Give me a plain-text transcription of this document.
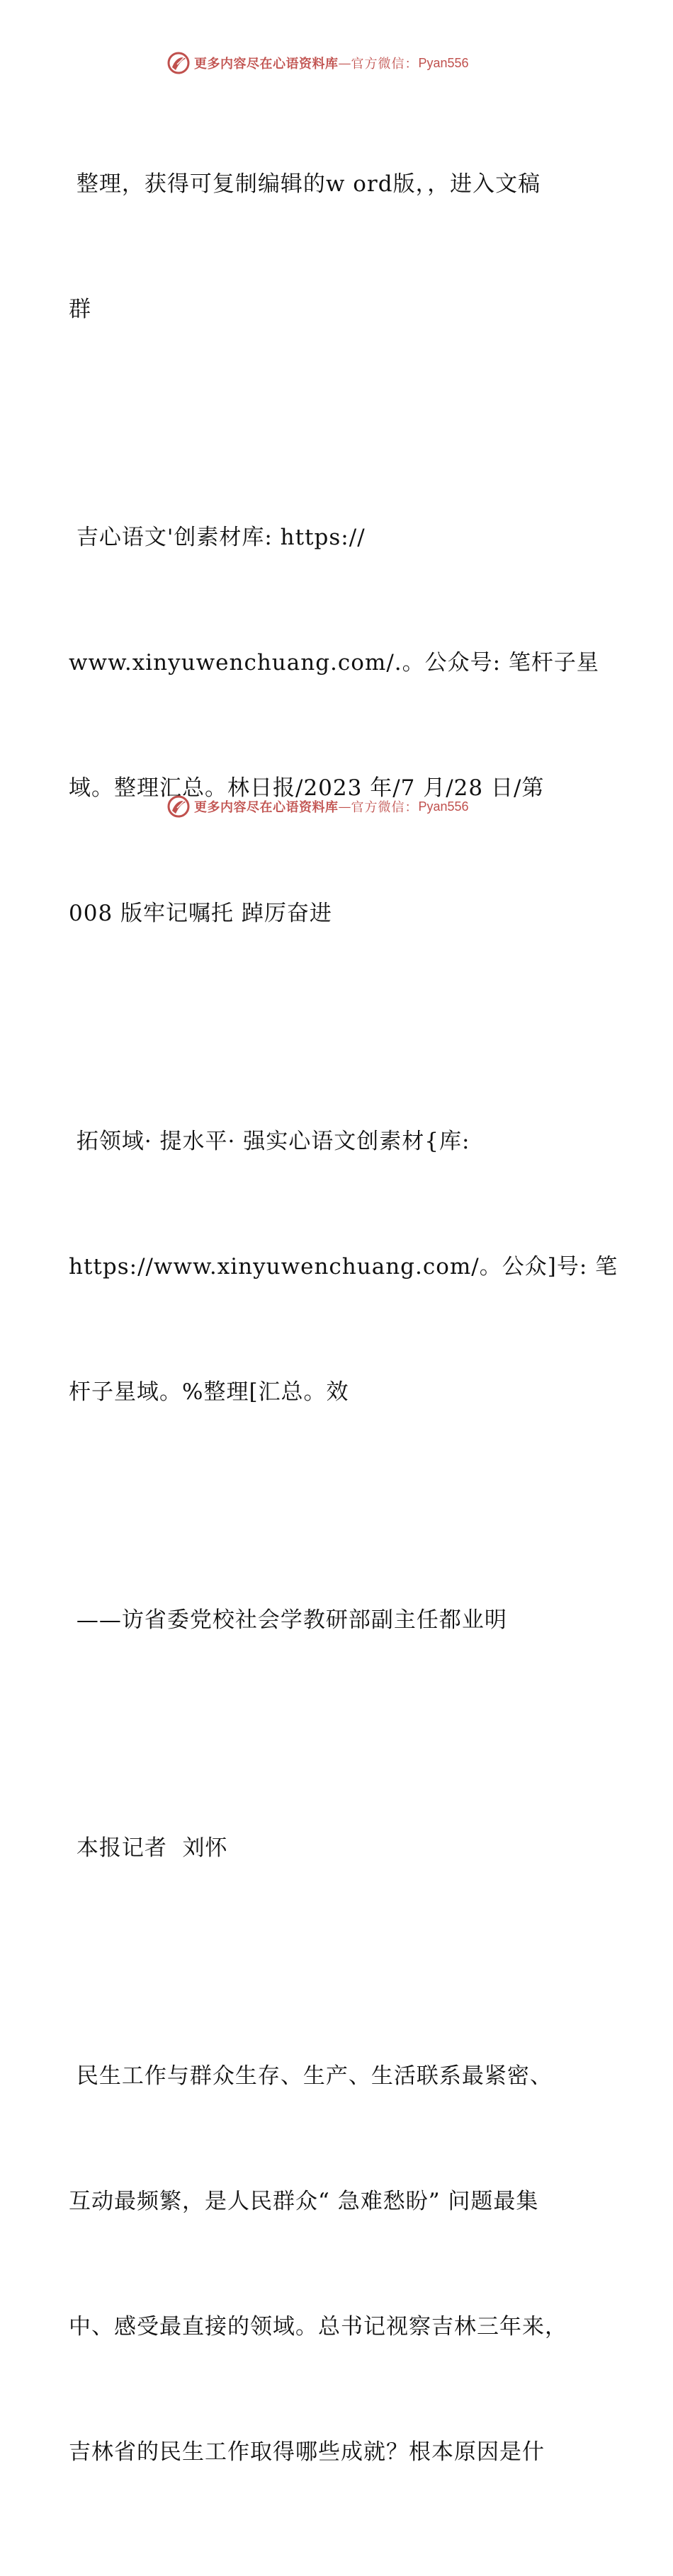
更多内容尽在心语资料库 — 官方微信： Pyan556

整理，获得可复制编辑的w ord版，，进入文稿

群

吉心语文'创素材库: https://

www.xinyuwenchuang.com/.。公众号: 笔杆子星

域。整理汇总。林日报/2023 年/7 月/28 日/第

008 版牢记嘱托 踔厉奋进

拓领域· 提水平· 强实心语文创素材{库:

https://www.xinyuwenchuang.com/。公众]号: 笔

杆子星域。%整理[汇总。效

——访省委党校社会学教研部副主任都业明

本报记者  刘怀

民生工作与群众生存、生产、生活联系最紧密、

互动最频繁，是人民群众“ 急难愁盼” 问题最集

中、感受最直接的领域。总书记视察吉林三年来，

吉林省的民生工作取得哪些成就？根本原因是什

更多内容尽在心语资料库 — 官方微信： Pyan556
